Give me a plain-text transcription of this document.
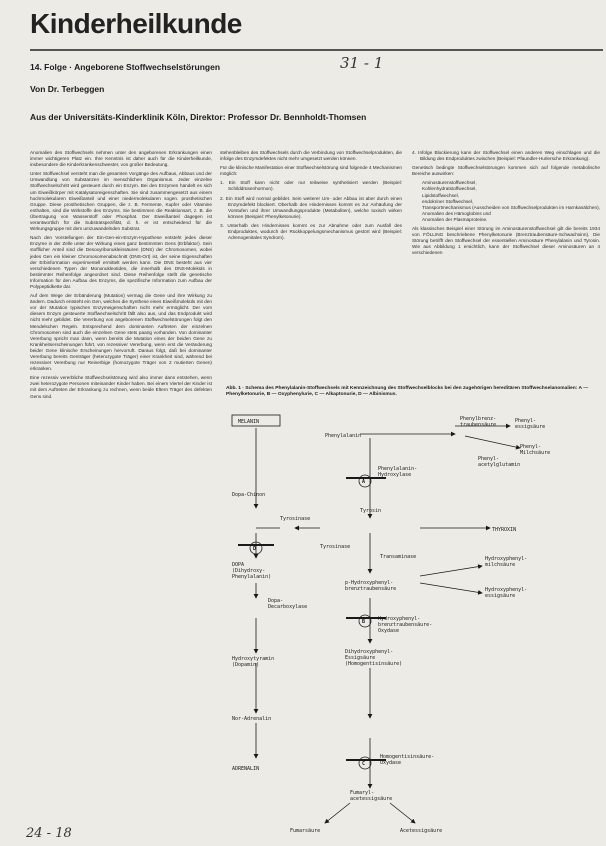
Kinderheilkunde
14. Folge · Angeborene Stoffwechselstörungen	31 - 1
Von Dr. Terbeggen
Aus der Universitäts-Kinderklinik Köln, Direktor: Professor Dr. Bennholdt-Thomsen

Anomalien des Stoffwechsels nehmen unter den angeborenen Erkrankungen einen immer wichtigeren Platz ein. Ihre Kenntnis ist daher auch für die Kinderheilkunde, insbesondere die Kinderkrankenschwester, von großer Bedeutung.

Unter Stoffwechsel versteht man die gesamten Vorgänge des Aufbaus, Abbaus und der Umwandlung von Substanzen im menschlichen Organismus. Jeder einzelne Stoffwechselschritt wird gesteuert durch ein Enzym. Bei den Enzymen handelt es sich um Eiweißkörper mit Katalysatoreigenschaften. Sie sind zusammengesetzt aus einem hochmolekularen Eiweißanteil und einer niedermolekularen sogen. prosthetischen Gruppe. Diese prosthetischen Gruppen, die z. B. Fermente, Kupfer oder Vitamine enthalten, sind die Wirkstoffe des Enzyms. Sie bestimmen die Reaktionsart, z. B. die Übertragung von Wasserstoff oder Phosphat. Der Eiweißanteil dagegen ist verantwortlich für die Substratspezifität, d. h. er ist entscheidend für die Wirkungsgruppe mit dem umzuwandelnden Substrat.

Nach den Vorstellungen der Ein-Gen-ein-Enzym-Hypothese entsteht jedes dieser Enzyme in der Zelle unter der Wirkung eines ganz bestimmten Gens (Erbfaktor). Sein stofflicher Anteil sind die Desoxyribonukleinsäuren (DNS) der Chromosomen, wobei jedes Gen ein kleiner Chromosomenabschnitt (DNS-Ort) ist, der seine Eigenschaften der Erbinformation experimentell ermittelt werden kann. Die DNS besteht aus vier verschiedenen Typen der Mononukleotiden, die innerhalb des DNS-Moleküls in bestimmter Reihenfolge angeordnet sind. Diese Reihenfolge stellt die genetische Information für den Aufbau des Enzyms, die spezifische Information zum Aufbau der Polypeptidkette dar.

Auf dem Wege der Erbänderung (Mutation) vermag die Gene und ihre Wirkung zu ändern. Dadurch entsteht ein Gen, welches die Synthese eines Eiweißmoleküls mit den vor der Mutation typischen Enzymeigenschaften nicht mehr ermöglicht. Der vom diesem Enzym gesteuerte Stoffwechselschritt fällt also aus, und das Endprodukt wird nicht mehr gebildet. Die Vererbung von angeborenen Stoffwechselstörungen folgt den Mendelschen Regeln. Entsprechend dem dominanten Auftreten der einzelnen Chromosomen sind auch die einzelnen Gene stets paarig vorhanden. Von dominanter Vererbung spricht man dann, wenn bereits die Mutation eines der beiden Gene zu Krankheitserscheinungen führt, von rezessiver Vererbung, wenn erst die Veränderung beider Gene klinische Erscheinungen hervorruft. Daraus folgt, daß bei dominanter Vererbung bereits Genträger (heterozygote Träger) einer Krankheit sind, während bei rezessiver Vererbung nur Reinerbige (homozygote Träger von 2 mutierten Genen) erkranken.

Eine rezessiv vererbliche Stoffwechselstörung wird also immer dann entstehen, wenn zwei heterozygote Personen miteinander Kinder haben. Bei einem Viertel der Kinder ist mit dem Auftreten der Erkrankung zu rechnen, wenn beide Eltern Träger des defekten Gens sind.

stehenbleiben des Stoffwechsels durch die Verbindung von Stoffwechselprodukten, die infolge des Enzymdefektes nicht mehr umgesetzt werden können.

Für die klinische Manifestation einer Stoffwechselstörung sind folgende 4 Mechanismen möglich:

1. Ein Stoff kann nicht oder nur teilweise synthetisiert werden (Beispiel: Schilddrüsenhormon).

2. Ein Stoff wird normal gebildet. Sein weiterer Um- oder Abbau ist aber durch einen Enzymdefekt blockiert. Oberhalb des Hindernisses kommt es zur Anhäufung der Vorstufen und ihrer Umwandlungsprodukte (Metaboliten), welche toxisch wirken können (Beispiel: Phenylketonurie).

3. Unterhalb des Hindernisses kommt es zur Abnahme oder zum Ausfall des Endproduktes, wodurch der Rückkoppelungsmechanismus gestört wird (Beispiel: Adrenogenitales Syndrom).

4. Infolge Blockierung kann der Stoffwechsel einen anderen Weg einschlagen und die Bildung des Endproduktes zwischen (Beispiel: Pfaundler-Hurlersche Erkrankung).

Genetisch bedingte Stoffwechselstörungen kommen sich auf folgende metabolische Bereiche auswirken:

Aminosäurenstoffwechsel,

Kohlenhydratstoffwechsel,

Lipidstoffwechsel,

endokriner Stoffwechsel,

Transportmechanismus (Ausscheiden von Stoffwechselprodukten im Harnkanälchen),

Anomalien des Hämoglobins und

Anomalien der Plasmaproteine.

Als klassisches Beispiel einer Störung im Aminosäurenstoffwechsel gilt die bereits 1934 von FÖLLING beschriebene Phenylketonurie (Brenztraubensäure-Schwachsinn). Die Störung betrifft den Stoffwechsel der essentiellen Aminosäure Phenylalanin und Tyrosin. Wie aus Abbildung 1 ersichtlich, kann der Stoffwechsel dieser Aminosäuren an 4 verschiedenen

Abb. 1 · Schema des Phenylalanin-Stoffwechsels mit Kennzeichnung des Stoffwechselblocks bei den zugehörigen hereditären Stoffwechselanomalien: A — Phenylketonurie, B — Oxyphenylurie, C — Alkaptonurie, D — Albinismus.
MELANIN
Phenylalanin
Phenylbrenz-
traubensäure
Phenyl-
essigsäure
Phenyl-
Milchsäure
Phenyl-
acetylglutamin
Phenylalanin-
Hydroxylase
Tyrosin
Dopa-Chinon
Tyrosinase
Tyrosinase
DOPA
(Dihydroxy-
Phenylalanin)
Dopa-
Decarboxylase
Hydroxytyramin
(Dopamin)
Nor-Adrenalin
ADRENALIN
THYROXIN
p-Hydroxyphenyl-
brenztraubensäure
Transaminase	Hydroxyphenyl-
milchsäure
Hydroxyphenyl-
essigsäure
Hydroxyphenyl-
brenztraubensäure-
Oxydase
Dihydroxyphenyl-
Essigsäure
(Homogentisinsäure)
Homogentisinsäure-
Oxydase
Fumaryl-
acetessigsäure
Fumarsäure	Acetessigsäure
A
D
B
C
24 - 18
